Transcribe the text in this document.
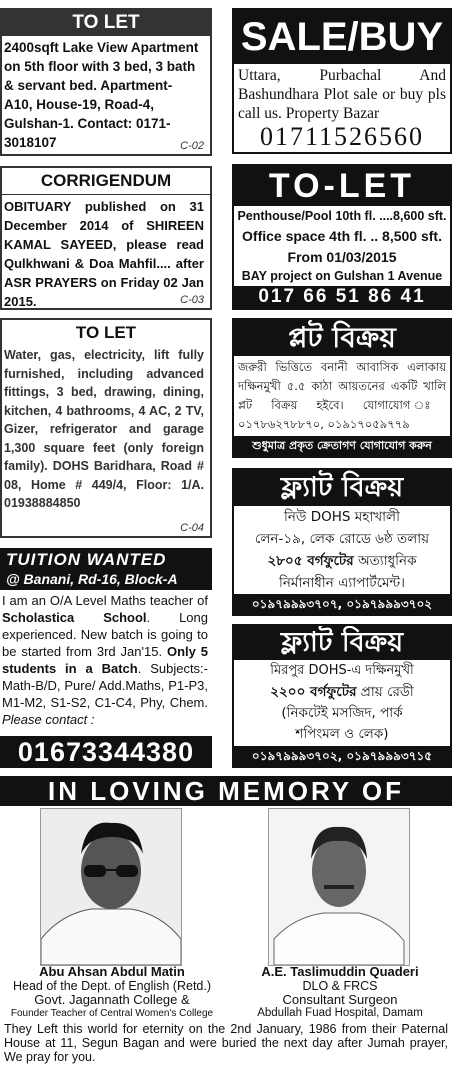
TO LET

2400sqft Lake View Apartment on 5th floor with 3 bed, 3 bath & servant bed. Apartment- A10, House-19, Road-4, Gulshan-1. Contact: 0171-3018107	C-02
CORRIGENDUM

OBITUARY published on 31 December 2014 of SHIREEN KAMAL SAYEED, please read Qulkhwani & Doa Mahfil.... after ASR PRAYERS on Friday 02 Jan 2015.	C-03
TO LET

Water, gas, electricity, lift fully furnished, including advanced fittings, 3 bed, drawing, dining, kitchen, 4 bathrooms, 4 AC, 2 TV, Gizer, refrigerator and garage 1,300 square feet (only foreign family). DOHS Baridhara, Road # 08, Home # 449/4, Floor: 1/A. 01938884850

C-04
TUITION WANTED
@ Banani, Rd-16, Block-A

I am an O/A Level Maths teacher of Scholastica School. Long experienced. New batch is going to be started from 3rd Jan'15. Only 5 students in a Batch. Subjects:- Math-B/D, Pure/ Add.Maths, P1-P3, M1-M2, S1-S2, C1-C4, Phy, Chem. Please contact :

01673344380
SALE/BUY

Uttara, Purbachal And Bashundhara Plot sale or buy pls call us. Property Bazar

01711526560
TO-LET
Penthouse/Pool 10th fl. ....8,600 sft.
Office space 4th fl. .. 8,500 sft.
From 01/03/2015
BAY project on Gulshan 1 Avenue
017 66 51 86 41
প্লট বিক্রয়

জরুরী ভিত্তিতে বনানী আবাসিক এলাকায় দক্ষিনমুখী ৫.৫ কাঠা আয়তনের একটি খালি প্লট বিক্রয় হইবে। যোগাযোগ ঃ ০১৭৮৬২৭৮৮৭০, ০১৯১৭০৫৯৭৭৯

শুধুমাত্র প্রকৃত ক্রেতাগণ যোগাযোগ করুন
ফ্ল্যাট বিক্রয়
নিউ DOHS মহাখালী
লেন-১৯, লেক রোডে ৬ষ্ঠ তলায়
২৮০৫ বর্গফুটের অত্যাধুনিক
নির্মানাধীন এ্যাপার্টমেন্ট।
০১৯৭৯৯৯৩৭০৭, ০১৯৭৯৯৯৩৭০২
ফ্ল্যাট বিক্রয়
মিরপুর DOHS-এ দক্ষিনমুখী
২২০০ বর্গফুটের প্রায় রেডী
(নিকটেই মসজিদ, পার্ক
শপিংমল ও লেক)
০১৯৭৯৯৯৩৭০২, ০১৯৭৯৯৯৩৭১৫
IN LOVING MEMORY OF
Abu Ahsan Abdul Matin
Head of the Dept. of English (Retd.)
Govt. Jagannath College &
Founder Teacher of Central Women's College
A.E. Taslimuddin Quaderi
DLO & FRCS
Consultant Surgeon
Abdullah Fuad Hospital, Damam

They Left this world for eternity on the 2nd January, 1986 from their Paternal House at 11, Segun Bagan and were buried the next day after Jumah prayer, We pray for you.
